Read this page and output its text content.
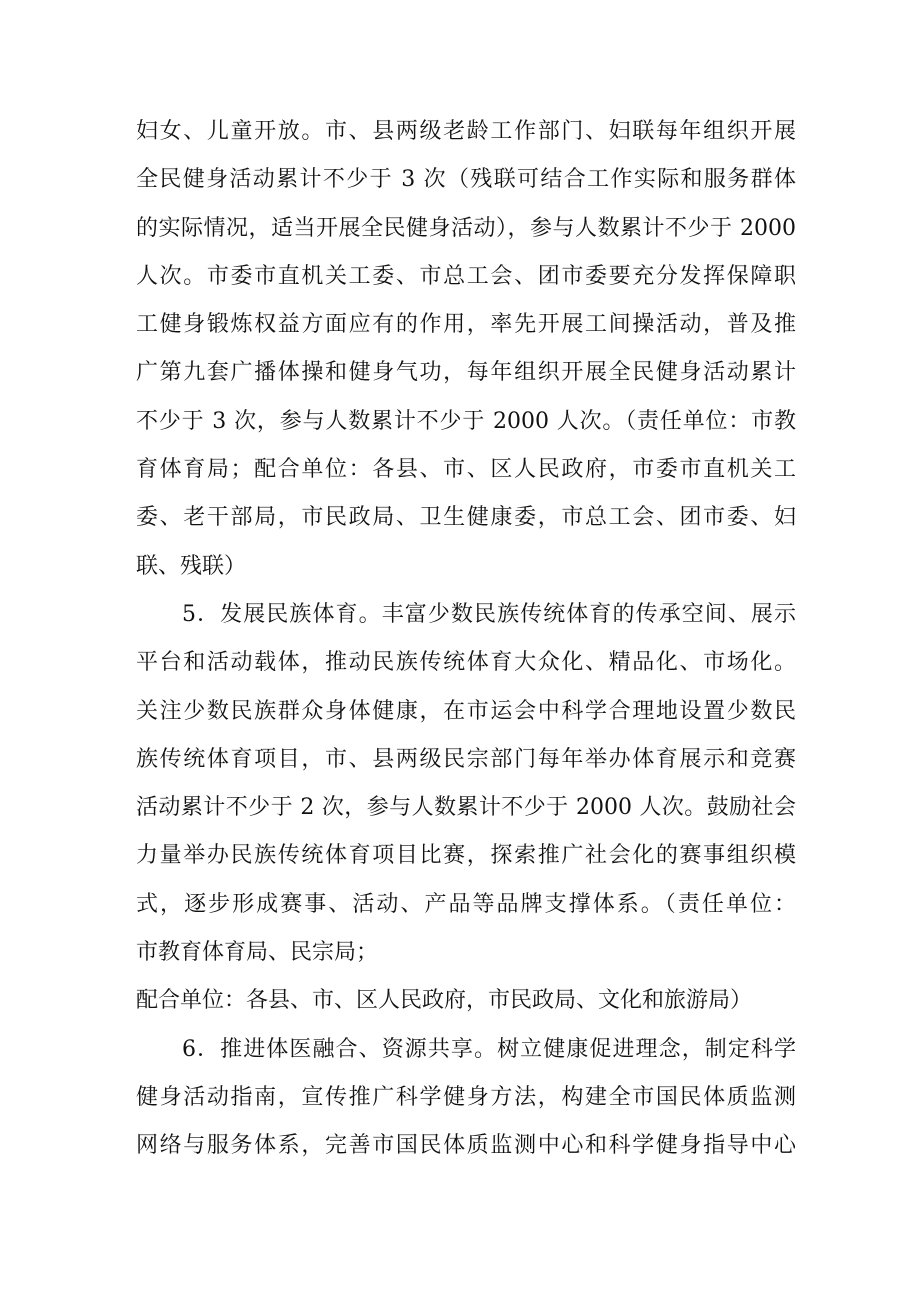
妇女、儿童开放。市、县两级老龄工作部门、妇联每年组织开展
全民健身活动累计不少于 3 次（残联可结合工作实际和服务群体
的实际情况，适当开展全民健身活动），参与人数累计不少于 2000
人次。市委市直机关工委、市总工会、团市委要充分发挥保障职
工健身锻炼权益方面应有的作用，率先开展工间操活动，普及推
广第九套广播体操和健身气功，每年组织开展全民健身活动累计
不少于 3 次，参与人数累计不少于 2000 人次。（责任单位：市教
育体育局；配合单位：各县、市、区人民政府，市委市直机关工
委、老干部局，市民政局、卫生健康委，市总工会、团市委、妇
联、残联）
5．发展民族体育。丰富少数民族传统体育的传承空间、展示
平台和活动载体，推动民族传统体育大众化、精品化、市场化。
关注少数民族群众身体健康，在市运会中科学合理地设置少数民
族传统体育项目，市、县两级民宗部门每年举办体育展示和竞赛
活动累计不少于 2 次，参与人数累计不少于 2000 人次。鼓励社会
力量举办民族传统体育项目比赛，探索推广社会化的赛事组织模
式，逐步形成赛事、活动、产品等品牌支撑体系。（责任单位：
市教育体育局、民宗局；
配合单位：各县、市、区人民政府，市民政局、文化和旅游局）
6．推进体医融合、资源共享。树立健康促进理念，制定科学
健身活动指南，宣传推广科学健身方法，构建全市国民体质监测
网络与服务体系，完善市国民体质监测中心和科学健身指导中心
